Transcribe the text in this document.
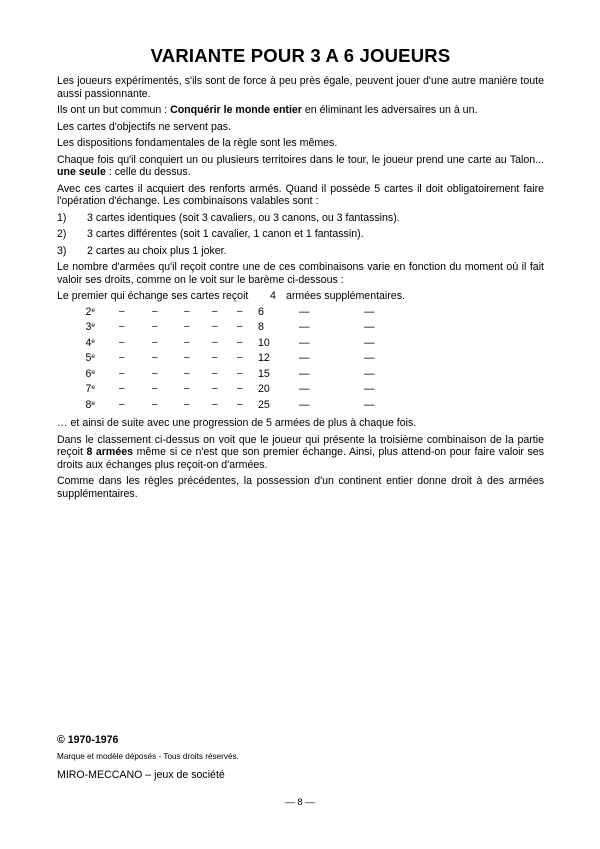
VARIANTE POUR 3 A 6 JOUEURS

Les joueurs expérimentés, s'ils sont de force à peu près égale, peuvent jouer d'une autre manière toute aussi passionnante.

Ils ont un but commun : Conquérir le monde entier en éliminant les adversaires un à un.

Les cartes d'objectifs ne servent pas.

Les dispositions fondamentales de la règle sont les mêmes.

Chaque fois qu'il conquiert un ou plusieurs territoires dans le tour, le joueur prend une carte au Talon... une seule : celle du dessus.

Avec ces cartes il acquiert des renforts armés. Quand il possède 5 cartes il doit obligatoirement faire l'opération d'échange. Les combinaisons valables sont :

1)	3 cartes identiques (soit 3 cavaliers, ou 3 canons, ou 3 fantassins).
2)	3 cartes différentes (soit 1 cavalier, 1 canon et 1 fantassin).
3)	2 cartes au choix plus 1 joker.

Le nombre d'armées qu'il reçoit contre une de ces combinaisons varie en fonction du moment où il fait valoir ses droits, comme on le voit sur le barème ci-dessous :

Le premier qui échange ses cartes reçoit 4 armées supplémentaires.
2e –	–	– – – 6	—	—
3e –	–	– – – 8	—	—
4e –	–	– – – 10	—	—
5e –	–	– – – 12	—	—
6e –	–	– – – 15	—	—
7e –	–	– – – 20	—	—
8e –	–	– – – 25	—	—

… et ainsi de suite avec une progression de 5 armées de plus à chaque fois.

Dans le classement ci-dessus on voit que le joueur qui présente la troisième combinaison de la partie reçoit 8 armées même si ce n'est que son premier échange. Ainsi, plus attend-on pour faire valoir ses droits aux échanges plus reçoit-on d'armées.

Comme dans les règles précédentes, la possession d'un continent entier donne droit à des armées supplémentaires.

© 1970-1976
Marque et modèle déposés - Tous droits réservés.
MIRO-MECCANO – jeux de société
— 8 —
